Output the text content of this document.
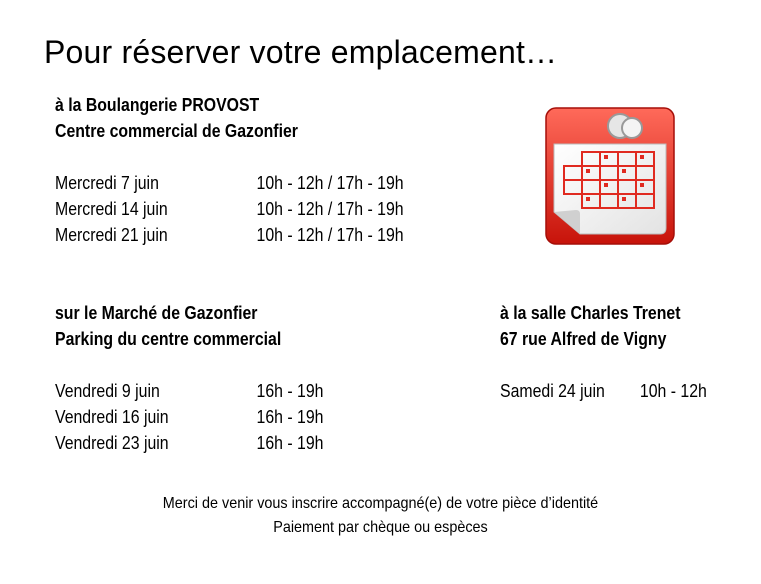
Pour réserver votre emplacement…
à la Boulangerie PROVOST
Centre commercial de Gazonfier
Mercredi 7 juin	10h - 12h / 17h - 19h
Mercredi 14 juin	10h - 12h / 17h - 19h
Mercredi 21 juin	10h - 12h / 17h - 19h
sur le Marché de Gazonfier
Parking du centre commercial
Vendredi 9 juin	16h - 19h
Vendredi 16 juin	16h - 19h
Vendredi 23 juin	16h - 19h
à la salle Charles Trenet
67 rue Alfred de Vigny
Samedi 24 juin 10h - 12h
Merci de venir vous inscrire accompagné(e) de votre pièce d’identité
Paiement par chèque ou espèces
